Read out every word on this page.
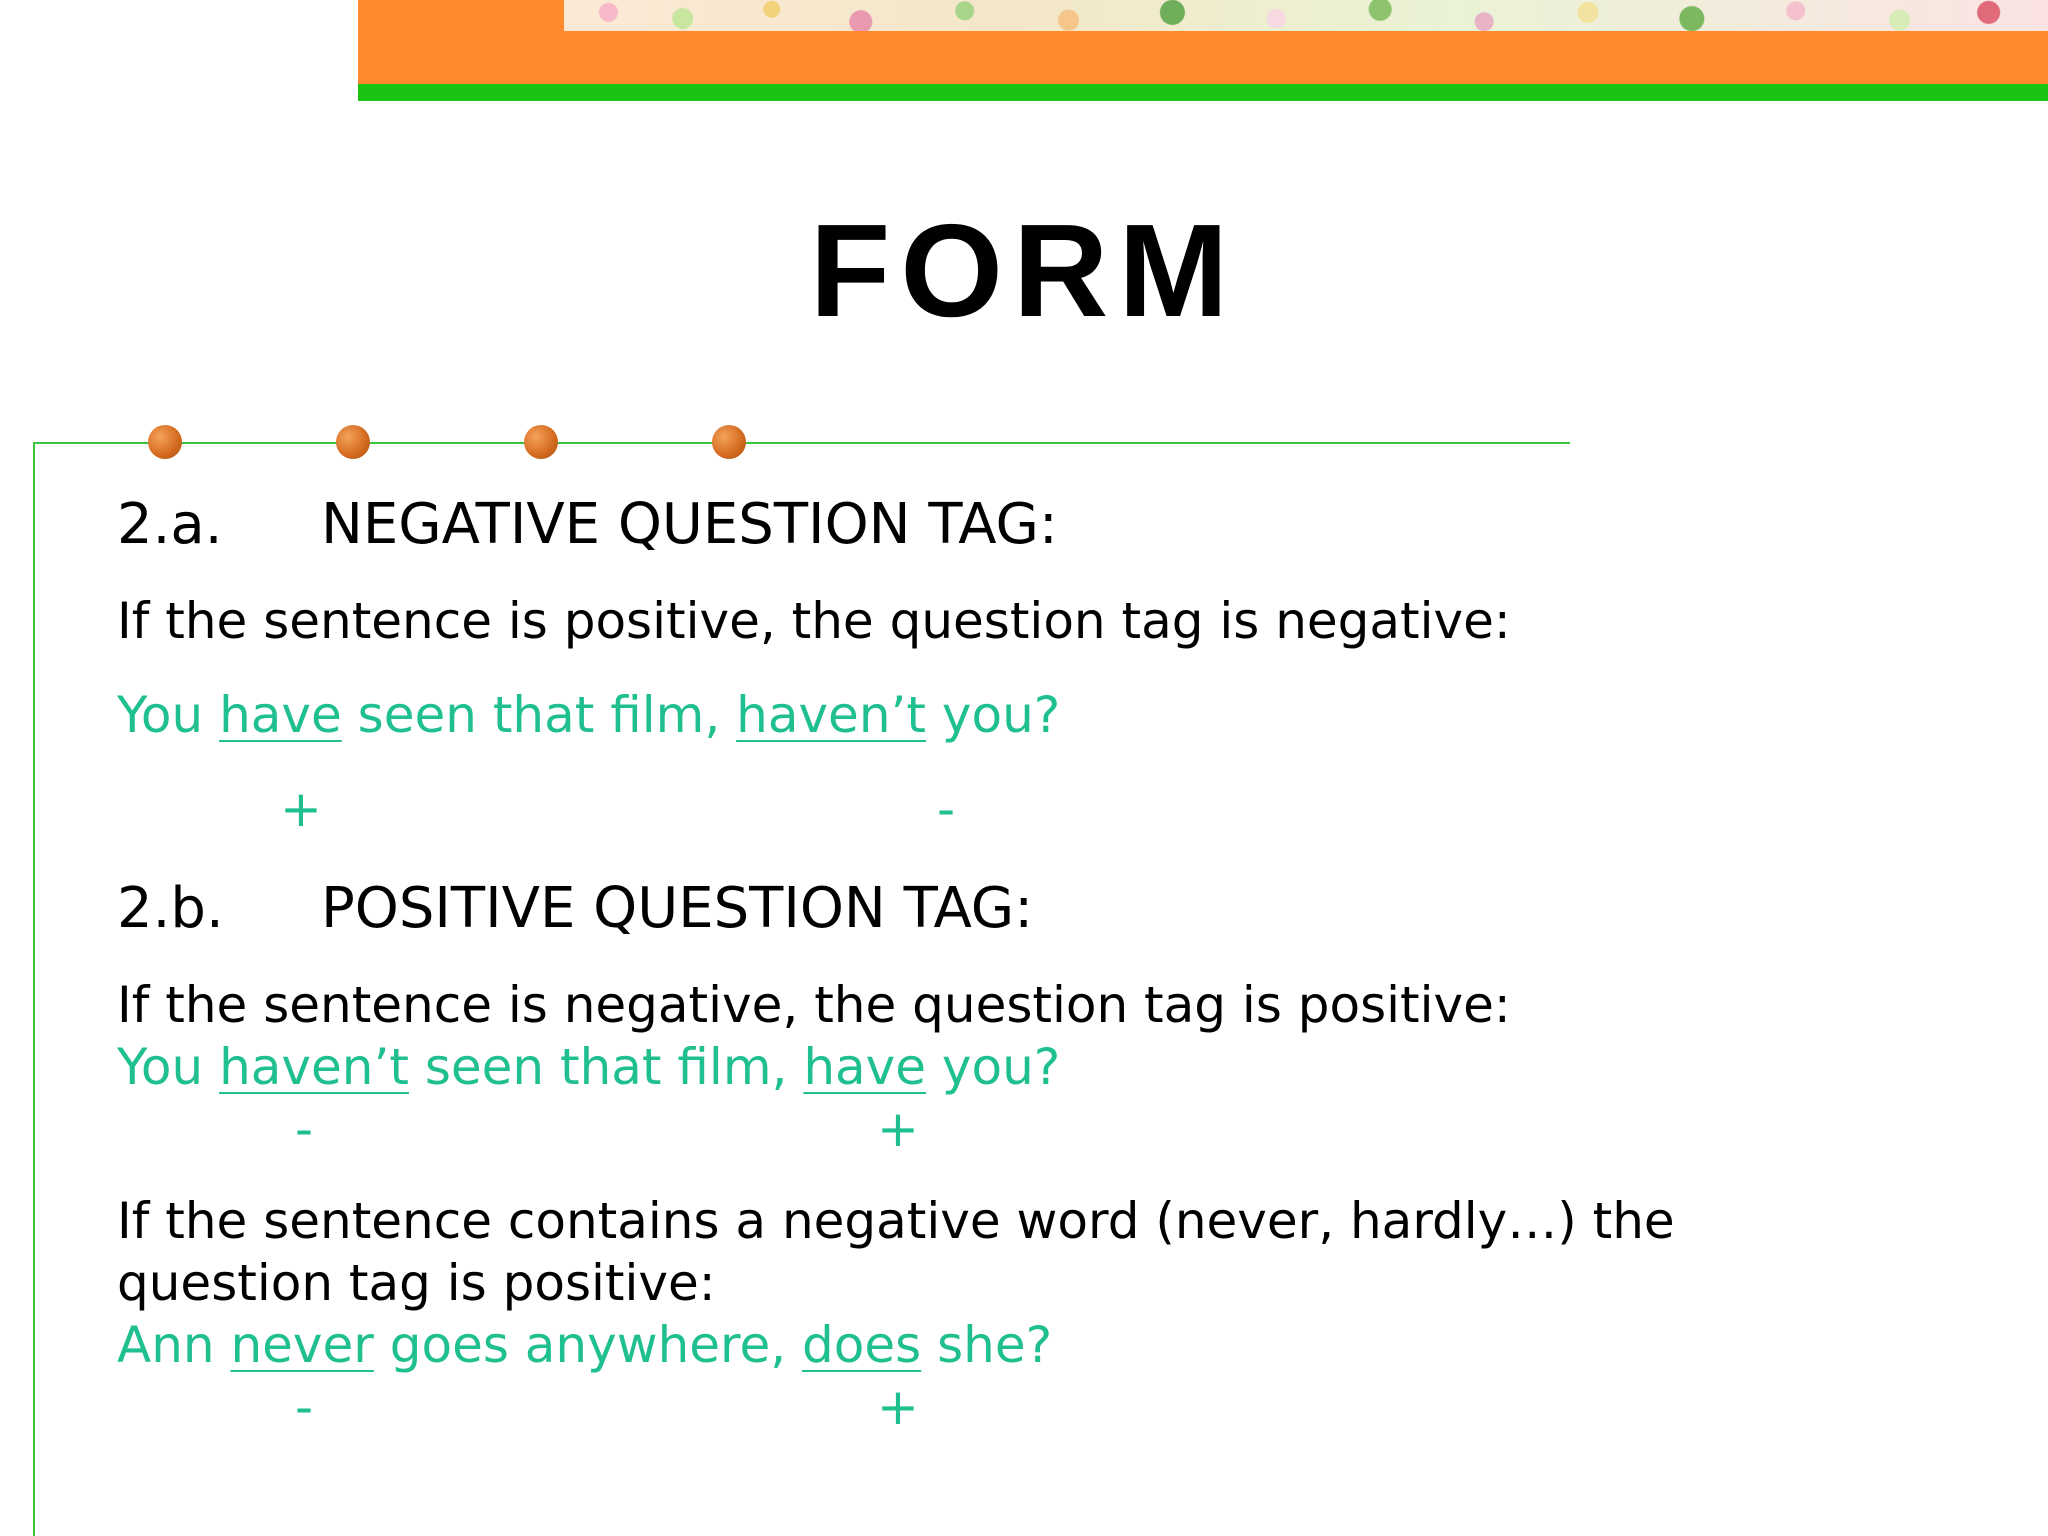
FORM
2.a. NEGATIVE QUESTION TAG:
If the sentence is positive, the question tag is negative:
You have seen that film, haven’t you?
+	-
2.b. POSITIVE QUESTION TAG:
If the sentence is negative, the question tag is positive:
You haven’t seen that film, have you?
-	+
If the sentence contains a negative word (never, hardly…) the
question tag is positive:
Ann never goes anywhere, does she?
-	+
